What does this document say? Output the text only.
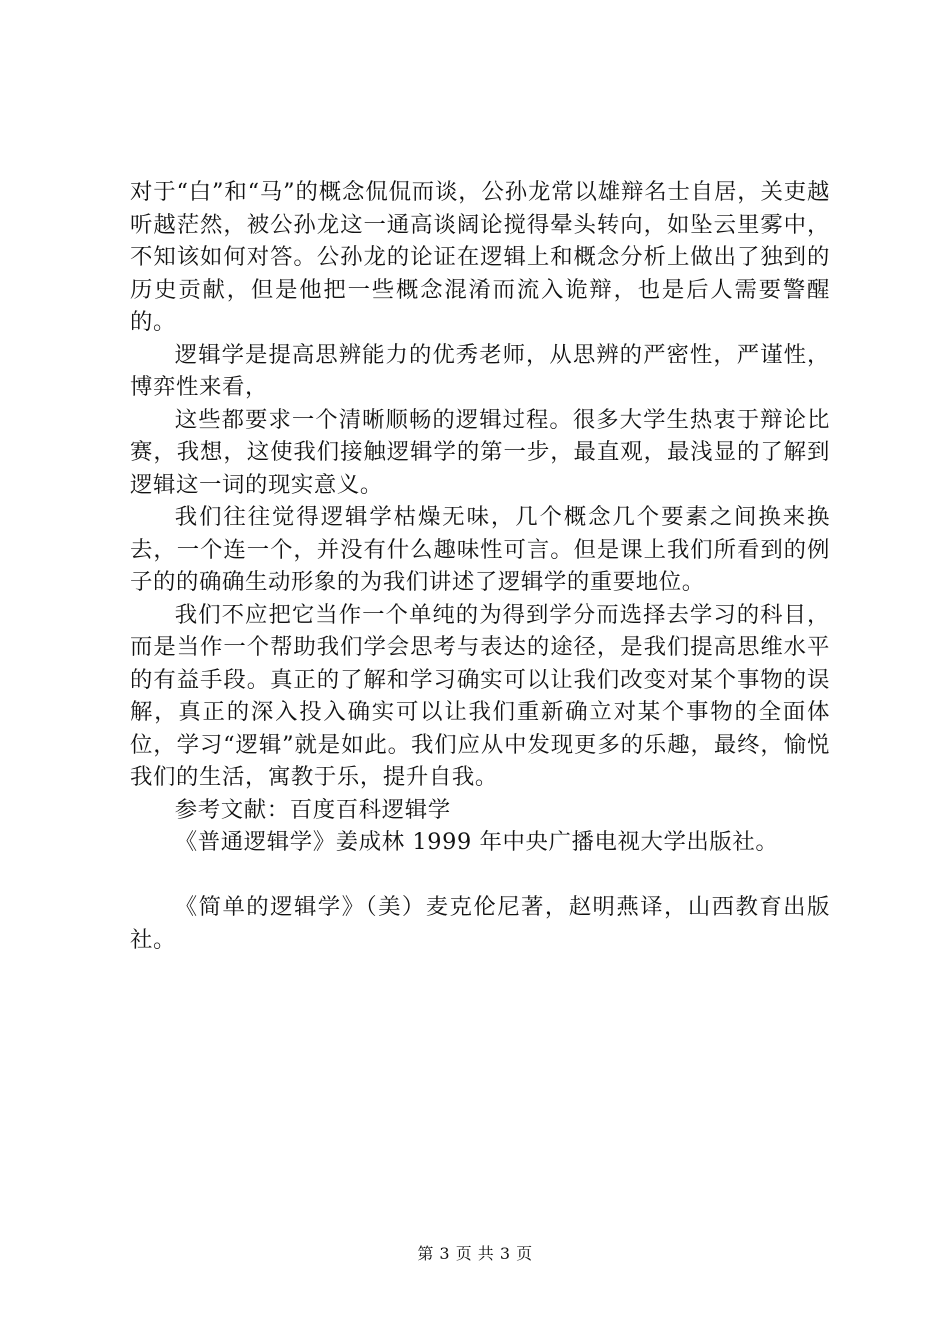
对于“白”和“马”的概念侃侃而谈，公孙龙常以雄辩名士自居，关吏越听越茫然，被公孙龙这一通高谈阔论搅得晕头转向，如坠云里雾中，不知该如何对答。公孙龙的论证在逻辑上和概念分析上做出了独到的历史贡献，但是他把一些概念混淆而流入诡辩，也是后人需要警醒的。

逻辑学是提高思辨能力的优秀老师，从思辨的严密性，严谨性，博弈性来看，

这些都要求一个清晰顺畅的逻辑过程。很多大学生热衷于辩论比赛，我想，这使我们接触逻辑学的第一步，最直观，最浅显的了解到逻辑这一词的现实意义。

我们往往觉得逻辑学枯燥无味，几个概念几个要素之间换来换去，一个连一个，并没有什么趣味性可言。但是课上我们所看到的例子的的确确生动形象的为我们讲述了逻辑学的重要地位。

我们不应把它当作一个单纯的为得到学分而选择去学习的科目，而是当作一个帮助我们学会思考与表达的途径，是我们提高思维水平的有益手段。真正的了解和学习确实可以让我们改变对某个事物的误解，真正的深入投入确实可以让我们重新确立对某个事物的全面体位，学习“逻辑”就是如此。我们应从中发现更多的乐趣，最终，愉悦我们的生活，寓教于乐，提升自我。

参考文献：百度百科逻辑学

《普通逻辑学》姜成林 1999 年中央广播电视大学出版社。

《简单的逻辑学》（美）麦克伦尼著，赵明燕译，山西教育出版社。

第 3 页 共 3 页
